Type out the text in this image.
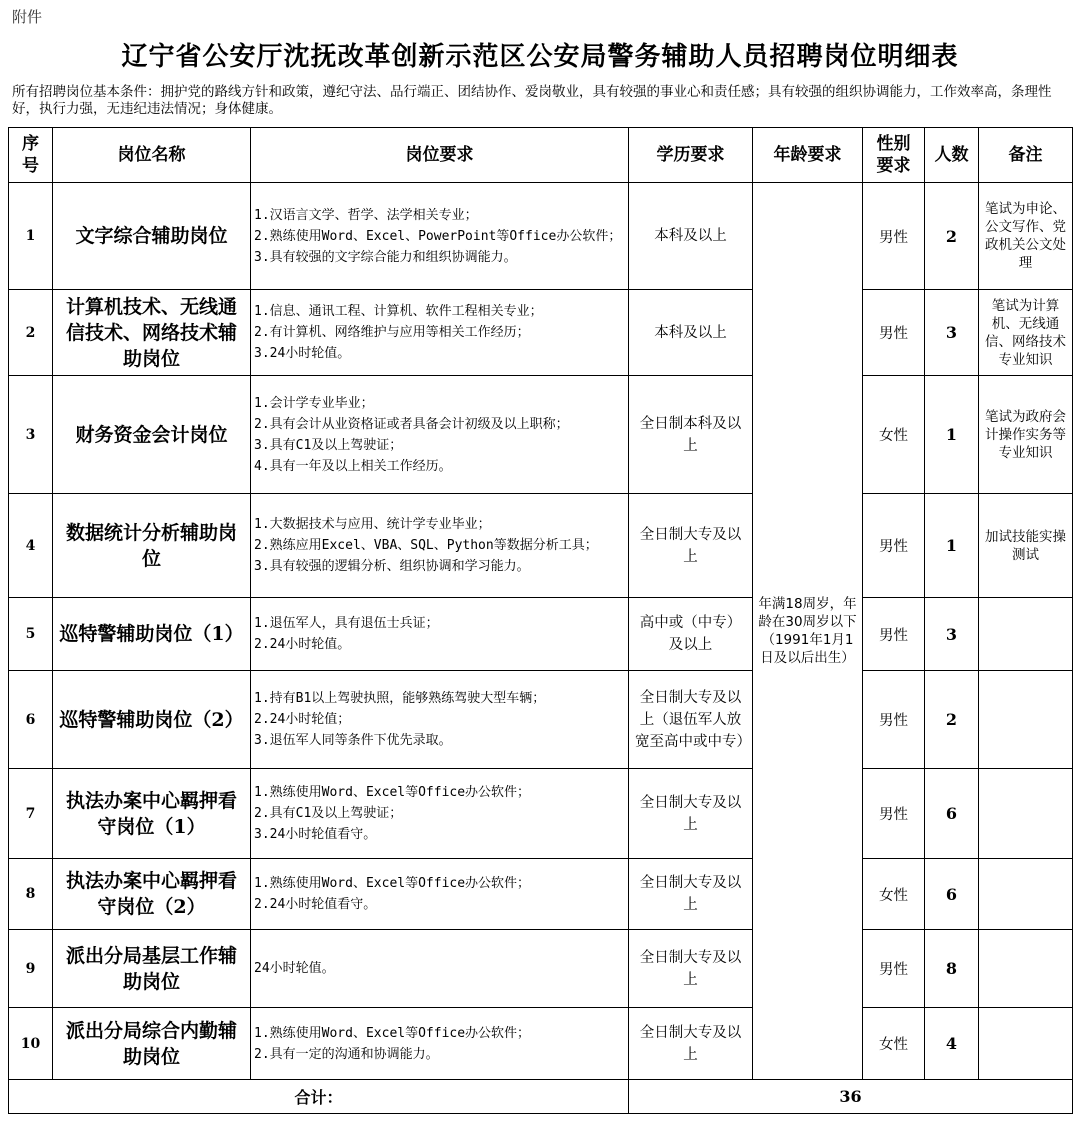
附件
辽宁省公安厅沈抚改革创新示范区公安局警务辅助人员招聘岗位明细表
所有招聘岗位基本条件：拥护党的路线方针和政策，遵纪守法、品行端正、团结协作、爱岗敬业，具有较强的事业心和责任感；具有较强的组织协调能力，工作效率高，条理性好，执行力强，无违纪违法情况；身体健康。
序号	岗位名称	岗位要求	学历要求	年龄要求	性别要求	人数	备注
1	文字综合辅助岗位	1.汉语言文学、哲学、法学相关专业；
2.熟练使用Word、Excel、PowerPoint等Office办公软件；
3.具有较强的文字综合能力和组织协调能力。	本科及以上	年满18周岁，年龄在30周岁以下（1991年1月1日及以后出生）	男性	2	笔试为申论、公文写作、党政机关公文处理
2	计算机技术、无线通信技术、网络技术辅助岗位	1.信息、通讯工程、计算机、软件工程相关专业；
2.有计算机、网络维护与应用等相关工作经历；
3.24小时轮值。	本科及以上		男性	3	笔试为计算机、无线通信、网络技术专业知识
3	财务资金会计岗位	1.会计学专业毕业；
2.具有会计从业资格证或者具备会计初级及以上职称；
3.具有C1及以上驾驶证；
4.具有一年及以上相关工作经历。	全日制本科及以上		女性	1	笔试为政府会计操作实务等专业知识
4	数据统计分析辅助岗位	1.大数据技术与应用、统计学专业毕业；
2.熟练应用Excel、VBA、SQL、Python等数据分析工具；
3.具有较强的逻辑分析、组织协调和学习能力。	全日制大专及以上		男性	1	加试技能实操测试
5	巡特警辅助岗位（1）	1.退伍军人，具有退伍士兵证；
2.24小时轮值。	高中或（中专）及以上		男性	3	
6	巡特警辅助岗位（2）	1.持有B1以上驾驶执照，能够熟练驾驶大型车辆；
2.24小时轮值；
3.退伍军人同等条件下优先录取。	全日制大专及以上（退伍军人放宽至高中或中专）		男性	2	
7	执法办案中心羁押看守岗位（1）	1.熟练使用Word、Excel等Office办公软件；
2.具有C1及以上驾驶证；
3.24小时轮值看守。	全日制大专及以上		男性	6	
8	执法办案中心羁押看守岗位（2）	1.熟练使用Word、Excel等Office办公软件；
2.24小时轮值看守。	全日制大专及以上		女性	6	
9	派出分局基层工作辅助岗位	24小时轮值。	全日制大专及以上		男性	8	
10	派出分局综合内勤辅助岗位	1.熟练使用Word、Excel等Office办公软件；
2.具有一定的沟通和协调能力。	全日制大专及以上		女性	4	
合计：			36				
